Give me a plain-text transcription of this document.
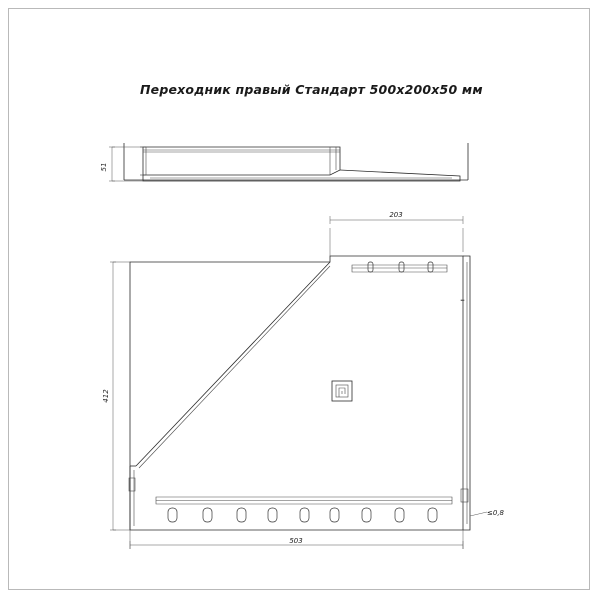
Переходник правый Стандарт 500х200х50 мм
51
203
412
503
≤0,8
